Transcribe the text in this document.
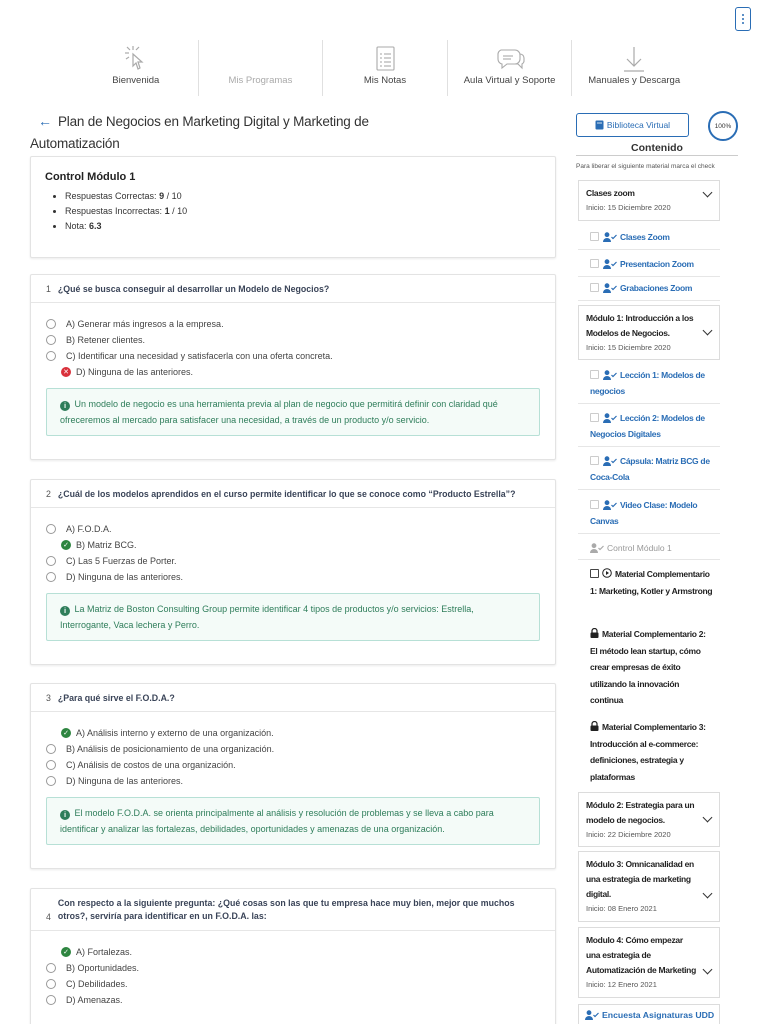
Bienvenida	Mis Programas	Mis Notas	Aula Virtual y Soporte	Manuales y Descarga
← Plan de Negocios en Marketing Digital y Marketing de Automatización
Control Módulo 1
• Respuestas Correctas: 9 / 10
• Respuestas Incorrectas: 1 / 10
• Nota: 6.3
1 ¿Qué se busca conseguir al desarrollar un Modelo de Negocios?
A) Generar más ingresos a la empresa.
B) Retener clientes.
C) Identificar una necesidad y satisfacerla con una oferta concreta.
✕ D) Ninguna de las anteriores.
i Un modelo de negocio es una herramienta previa al plan de negocio que permitirá definir con claridad qué ofreceremos al mercado para satisfacer una necesidad, a través de un producto y/o servicio.
2 ¿Cuál de los modelos aprendidos en el curso permite identificar lo que se conoce como “Producto Estrella”?
A) F.O.D.A.
✓ B) Matriz BCG.
C) Las 5 Fuerzas de Porter.
D) Ninguna de las anteriores.
i La Matriz de Boston Consulting Group permite identificar 4 tipos de productos y/o servicios: Estrella, Interrogante, Vaca lechera y Perro.
3 ¿Para qué sirve el F.O.D.A.?
✓ A) Análisis interno y externo de una organización.
B) Análisis de posicionamiento de una organización.
C) Análisis de costos de una organización.
D) Ninguna de las anteriores.
i El modelo F.O.D.A. se orienta principalmente al análisis y resolución de problemas y se lleva a cabo para identificar y analizar las fortalezas, debilidades, oportunidades y amenazas de una organización.
4
Con respecto a la siguiente pregunta: ¿Qué cosas son las que tu empresa hace muy bien, mejor que muchos otros?, serviría para identificar en un F.O.D.A. las:
✓ A) Fortalezas.
B) Oportunidades.
C) Debilidades.
D) Amenazas.
Biblioteca Virtual	100%
Contenido
Para liberar el siguiente material marca el check
Clases zoom
Inicio: 15 Diciembre 2020
Clases Zoom
Presentacion Zoom
Grabaciones Zoom
Módulo 1: Introducción a los Modelos de Negocios.
Inicio: 15 Diciembre 2020
Lección 1: Modelos de negocios
Lección 2: Modelos de Negocios Digitales
Cápsula: Matriz BCG de Coca-Cola
Video Clase: Modelo Canvas
Control Módulo 1
Material Complementario 1: Marketing, Kotler y Armstrong
Material Complementario 2: El método lean startup, cómo crear empresas de éxito utilizando la innovación continua
Material Complementario 3: Introducción al e-commerce: definiciones, estrategia y plataformas
Módulo 2: Estrategia para un modelo de negocios.
Inicio: 22 Diciembre 2020
Módulo 3: Omnicanalidad en una estrategia de marketing digital.
Inicio: 08 Enero 2021
Modulo 4: Cómo empezar una estrategia de Automatización de Marketing
Inicio: 12 Enero 2021
Encuesta Asignaturas UDD
